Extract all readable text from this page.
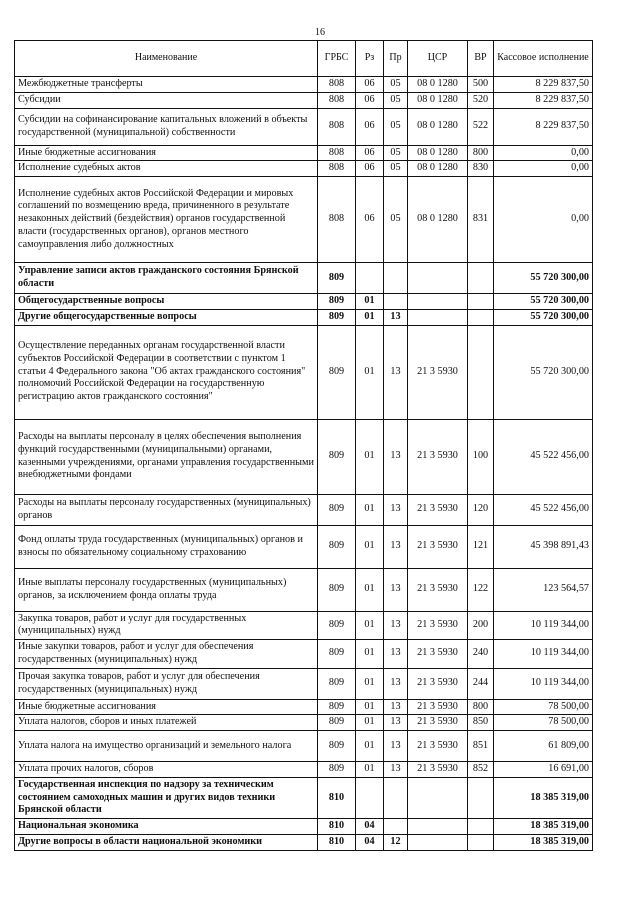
16
Наименование	ГРБС	Рз	Пр	ЦСР	ВР	Кассовое исполнение
Межбюджетные трансферты	808	06	05	08 0 1280	500	8 229 837,50
Субсидии	808	06	05	08 0 1280	520	8 229 837,50
Субсидии на софинансирование капитальных вложений в объекты государственной (муниципальной) собственности	808	06	05	08 0 1280	522	8 229 837,50
Иные бюджетные ассигнования	808	06	05	08 0 1280	800	0,00
Исполнение судебных актов	808	06	05	08 0 1280	830	0,00
Исполнение судебных актов Российской Федерации и мировых соглашений по возмещению вреда, причиненного в результате незаконных действий (бездействия) органов государственной власти (государственных органов), органов местного самоуправления либо должностных	808	06	05	08 0 1280	831	0,00
Управление записи актов гражданского состояния Брянской области	809					55 720 300,00
Общегосударственные вопросы	809	01				55 720 300,00
Другие общегосударственные вопросы	809	01	13			55 720 300,00
Осуществление переданных органам государственной власти субъектов Российской Федерации в соответствии с пунктом 1 статьи 4 Федерального закона "Об актах гражданского состояния" полномочий Российской Федерации на государственную регистрацию актов гражданского состояния"	809	01	13	21 3 5930		55 720 300,00
Расходы на выплаты персоналу в целях обеспечения выполнения функций государственными (муниципальными) органами, казенными учреждениями, органами управления государственными внебюджетными фондами	809	01	13	21 3 5930	100	45 522 456,00
Расходы на выплаты персоналу государственных (муниципальных) органов	809	01	13	21 3 5930	120	45 522 456,00
Фонд оплаты труда государственных (муниципальных) органов и взносы по обязательному социальному страхованию	809	01	13	21 3 5930	121	45 398 891,43
Иные выплаты персоналу государственных (муниципальных) органов, за исключением фонда оплаты труда	809	01	13	21 3 5930	122	123 564,57
Закупка товаров, работ и услуг для государственных (муниципальных) нужд	809	01	13	21 3 5930	200	10 119 344,00
Иные закупки товаров, работ и услуг для обеспечения государственных (муниципальных) нужд	809	01	13	21 3 5930	240	10 119 344,00
Прочая закупка товаров, работ и услуг для обеспечения государственных (муниципальных) нужд	809	01	13	21 3 5930	244	10 119 344,00
Иные бюджетные ассигнования	809	01	13	21 3 5930	800	78 500,00
Уплата налогов, сборов и иных платежей	809	01	13	21 3 5930	850	78 500,00
Уплата налога на имущество организаций и земельного налога	809	01	13	21 3 5930	851	61 809,00
Уплата прочих налогов, сборов	809	01	13	21 3 5930	852	16 691,00
Государственная инспекция по надзору за техническим состоянием самоходных машин и других видов техники Брянской области	810					18 385 319,00
Национальная экономика	810	04				18 385 319,00
Другие вопросы в области национальной экономики	810	04	12			18 385 319,00
